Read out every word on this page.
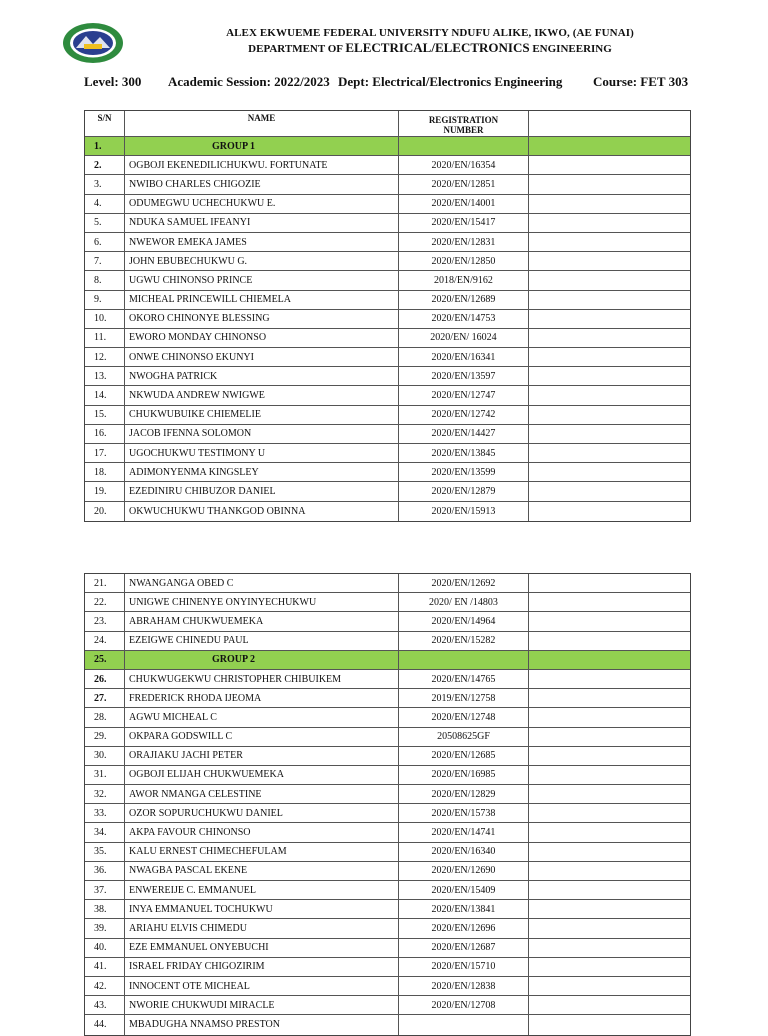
ALEX EKWUEME FEDERAL UNIVERSITY NDUFU ALIKE, IKWO, (AE FUNAI)
DEPARTMENT OF ELECTRICAL/ELECTRONICS ENGINEERING
Level: 300 Academic Session: 2022/2023 Dept: Electrical/Electronics Engineering Course: FET 303
S/N	NAME	REGISTRATION
NUMBER
1.	GROUP 1
2.	OGBOJI EKENEDILICHUKWU. FORTUNATE	2020/EN/16354
3.	NWIBO CHARLES CHIGOZIE	2020/EN/12851
4.	ODUMEGWU UCHECHUKWU E.	2020/EN/14001
5.	NDUKA SAMUEL IFEANYI	2020/EN/15417
6.	NWEWOR EMEKA JAMES	2020/EN/12831
7.	JOHN EBUBECHUKWU G.	2020/EN/12850
8.	UGWU CHINONSO PRINCE	2018/EN/9162
9.	MICHEAL PRINCEWILL CHIEMELA	2020/EN/12689
10.	OKORO CHINONYE BLESSING	2020/EN/14753
11.	EWORO MONDAY CHINONSO	2020/EN/ 16024
12.	ONWE CHINONSO EKUNYI	2020/EN/16341
13.	NWOGHA PATRICK	2020/EN/13597
14.	NKWUDA ANDREW NWIGWE	2020/EN/12747
15.	CHUKWUBUIKE CHIEMELIE	2020/EN/12742
16.	JACOB IFENNA SOLOMON	2020/EN/14427
17.	UGOCHUKWU TESTIMONY U	2020/EN/13845
18.	ADIMONYENMA KINGSLEY	2020/EN/13599
19.	EZEDINIRU CHIBUZOR DANIEL	2020/EN/12879
20.	OKWUCHUKWU THANKGOD OBINNA	2020/EN/15913
21.	NWANGANGA OBED C	2020/EN/12692
22.	UNIGWE CHINENYE ONYINYECHUKWU	2020/ EN /14803
23.	ABRAHAM CHUKWUEMEKA	2020/EN/14964
24.	EZEIGWE CHINEDU PAUL	2020/EN/15282
25.	GROUP 2
26.	CHUKWUGEKWU CHRISTOPHER CHIBUIKEM	2020/EN/14765
27.	FREDERICK RHODA IJEOMA	2019/EN/12758
28.	AGWU MICHEAL C	2020/EN/12748
29.	OKPARA GODSWILL C	20508625GF
30.	ORAJIAKU JACHI PETER	2020/EN/12685
31.	OGBOJI ELIJAH CHUKWUEMEKA	2020/EN/16985
32.	AWOR NMANGA CELESTINE	2020/EN/12829
33.	OZOR SOPURUCHUKWU DANIEL	2020/EN/15738
34.	AKPA FAVOUR CHINONSO	2020/EN/14741
35.	KALU ERNEST CHIMECHEFULAM	2020/EN/16340
36.	NWAGBA PASCAL EKENE	2020/EN/12690
37.	ENWEREIJE C. EMMANUEL	2020/EN/15409
38.	INYA EMMANUEL TOCHUKWU	2020/EN/13841
39.	ARIAHU ELVIS CHIMEDU	2020/EN/12696
40.	EZE EMMANUEL ONYEBUCHI	2020/EN/12687
41.	ISRAEL FRIDAY CHIGOZIRIM	2020/EN/15710
42.	INNOCENT OTE MICHEAL	2020/EN/12838
43.	NWORIE CHUKWUDI MIRACLE	2020/EN/12708
44.	MBADUGHA NNAMSO PRESTON
